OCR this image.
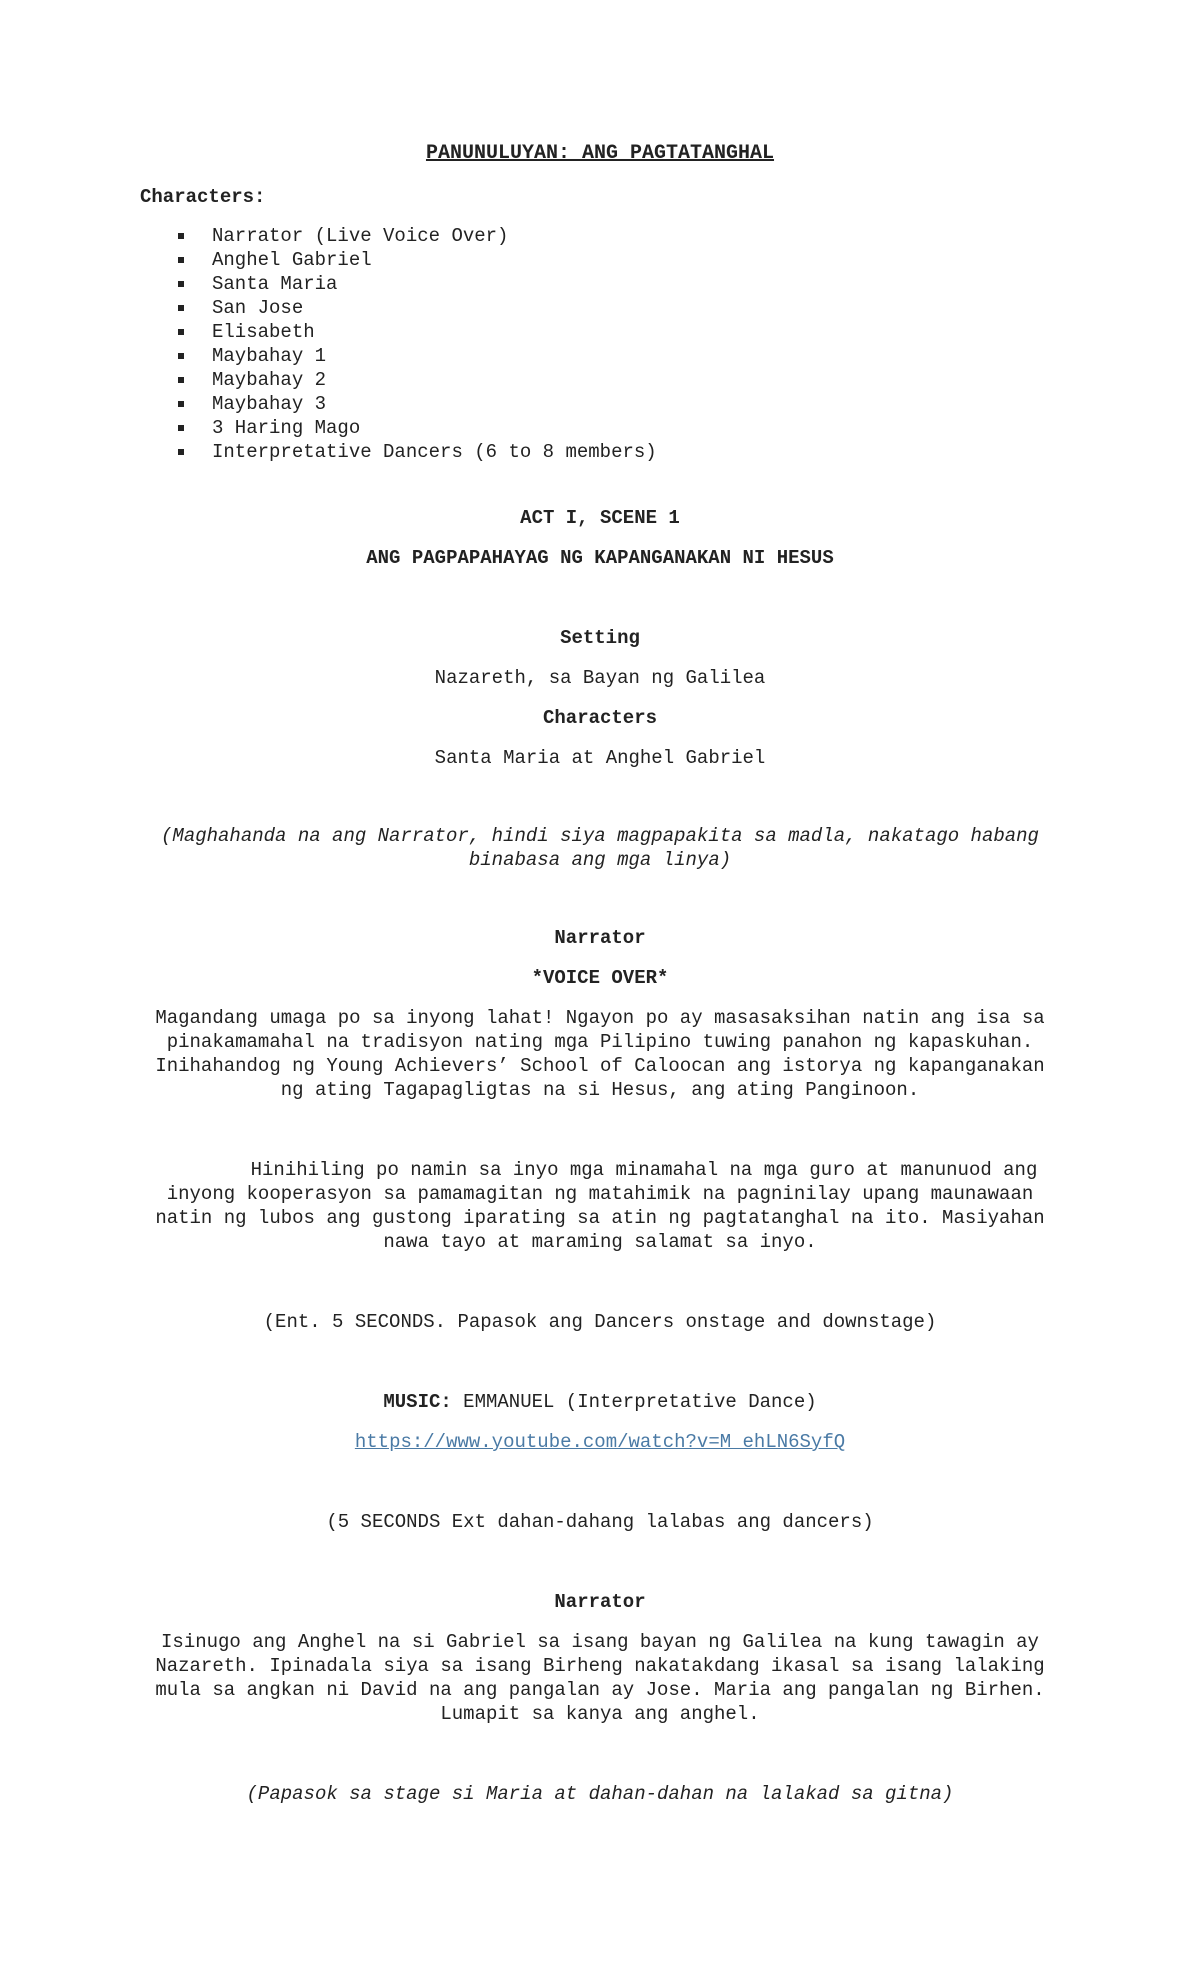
PANUNULUYAN: ANG PAGTATANGHAL
Characters:
Narrator (Live Voice Over)
Anghel Gabriel
Santa Maria
San Jose
Elisabeth
Maybahay 1
Maybahay 2
Maybahay 3
3 Haring Mago
Interpretative Dancers (6 to 8 members)
ACT I, SCENE 1
ANG PAGPAPAHAYAG NG KAPANGANAKAN NI HESUS
Setting
Nazareth, sa Bayan ng Galilea
Characters
Santa Maria at Anghel Gabriel
(Maghahanda na ang Narrator, hindi siya magpapakita sa madla, nakatago habang binabasa ang mga linya)
Narrator
*VOICE OVER*
Magandang umaga po sa inyong lahat! Ngayon po ay masasaksihan natin ang isa sa pinakamamahal na tradisyon nating mga Pilipino tuwing panahon ng kapaskuhan. Inihahandog ng Young Achievers’ School of Caloocan ang istorya ng kapanganakan ng ating Tagapagligtas na si Hesus, ang ating Panginoon.
Hinihiling po namin sa inyo mga minamahal na mga guro at manunuod ang inyong kooperasyon sa pamamagitan ng matahimik na pagninilay upang maunawaan natin ng lubos ang gustong iparating sa atin ng pagtatanghal na ito. Masiyahan nawa tayo at maraming salamat sa inyo.
(Ent. 5 SECONDS. Papasok ang Dancers onstage and downstage)
MUSIC: EMMANUEL (Interpretative Dance)
https://www.youtube.com/watch?v=M_ehLN6SyfQ
(5 SECONDS Ext dahan-dahang lalabas ang dancers)
Narrator
Isinugo ang Anghel na si Gabriel sa isang bayan ng Galilea na kung tawagin ay Nazareth. Ipinadala siya sa isang Birheng nakatakdang ikasal sa isang lalaking mula sa angkan ni David na ang pangalan ay Jose. Maria ang pangalan ng Birhen. Lumapit sa kanya ang anghel.
(Papasok sa stage si Maria at dahan-dahan na lalakad sa gitna)
